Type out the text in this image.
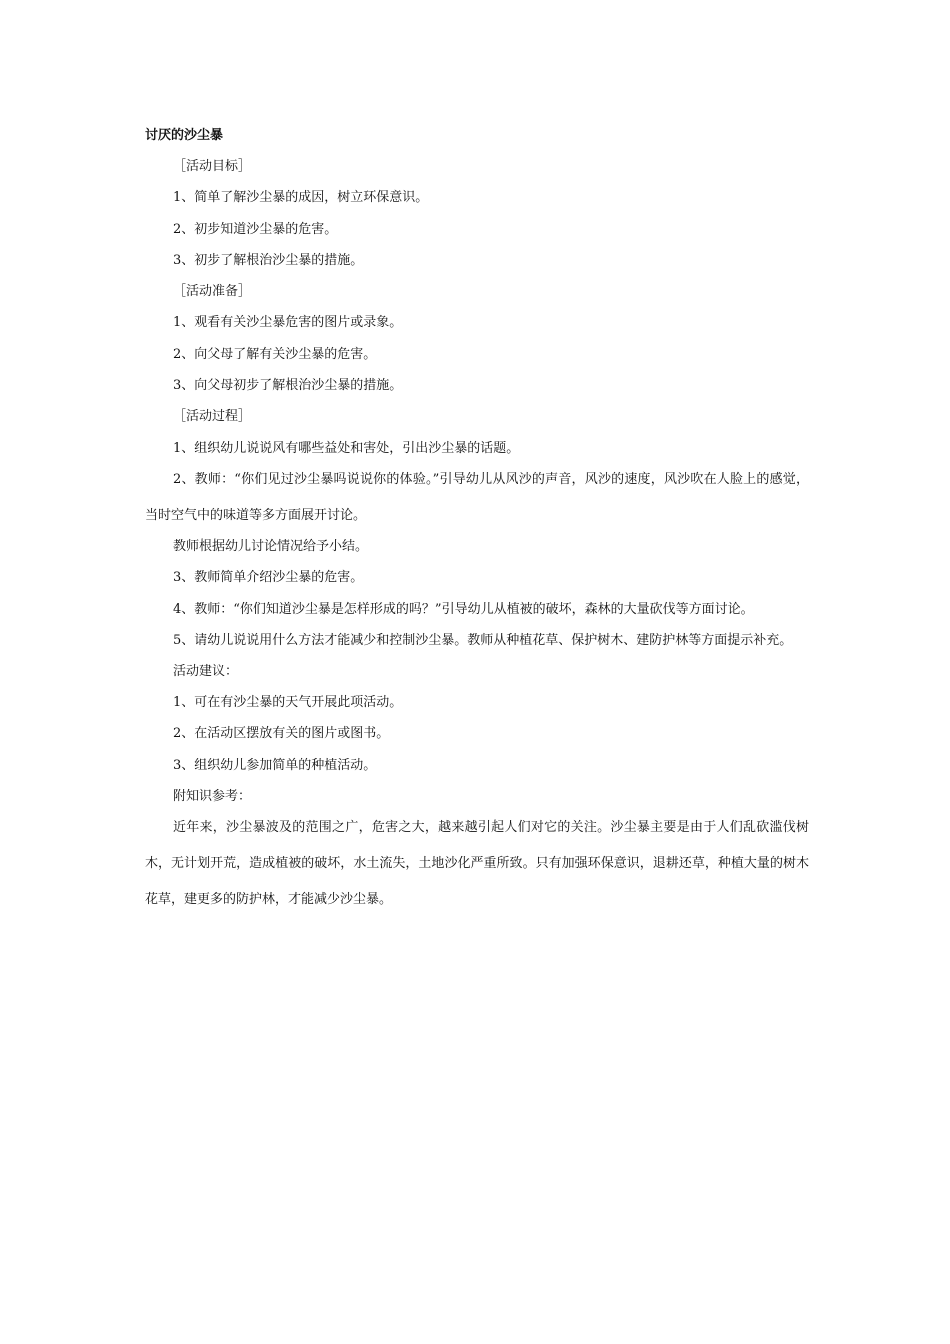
讨厌的沙尘暴
［活动目标］
1、简单了解沙尘暴的成因，树立环保意识。
2、初步知道沙尘暴的危害。
3、初步了解根治沙尘暴的措施。
［活动准备］
1、观看有关沙尘暴危害的图片或录象。
2、向父母了解有关沙尘暴的危害。
3、向父母初步了解根治沙尘暴的措施。
［活动过程］
1、组织幼儿说说风有哪些益处和害处，引出沙尘暴的话题。
2、教师：“你们见过沙尘暴吗说说你的体验。”引导幼儿从风沙的声音，风沙的速度，风沙吹在人脸上的感觉，当时空气中的味道等多方面展开讨论。
教师根据幼儿讨论情况给予小结。
3、教师简单介绍沙尘暴的危害。
4、教师：“你们知道沙尘暴是怎样形成的吗？”引导幼儿从植被的破坏，森林的大量砍伐等方面讨论。
5、请幼儿说说用什么方法才能减少和控制沙尘暴。教师从种植花草、保护树木、建防护林等方面提示补充。
活动建议：
1、可在有沙尘暴的天气开展此项活动。
2、在活动区摆放有关的图片或图书。
3、组织幼儿参加简单的种植活动。
附知识参考：
近年来，沙尘暴波及的范围之广，危害之大，越来越引起人们对它的关注。沙尘暴主要是由于人们乱砍滥伐树木，无计划开荒，造成植被的破坏，水土流失，土地沙化严重所致。只有加强环保意识，退耕还草，种植大量的树木花草，建更多的防护林，才能减少沙尘暴。
